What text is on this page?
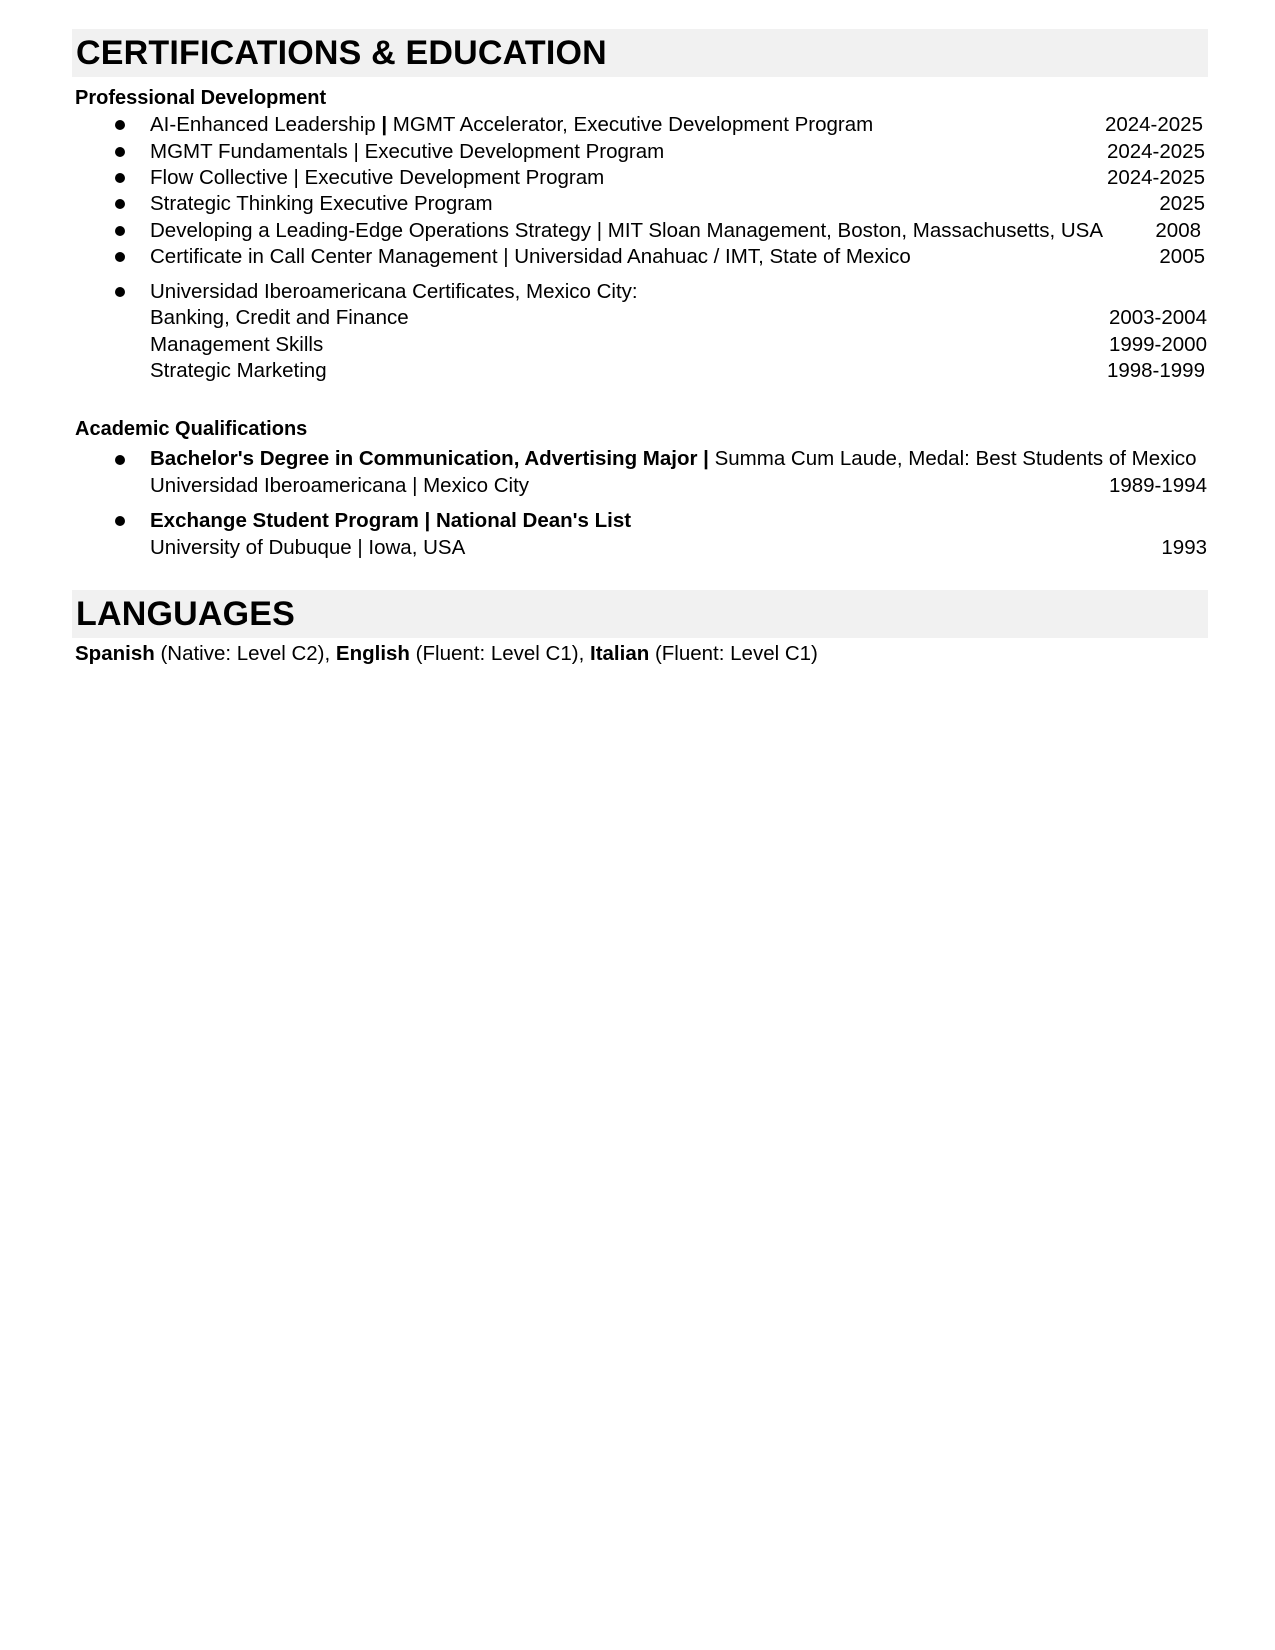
CERTIFICATIONS & EDUCATION
Professional Development
AI-Enhanced Leadership | MGMT Accelerator, Executive Development Program	2024-2025
MGMT Fundamentals | Executive Development Program	2024-2025
Flow Collective | Executive Development Program	2024-2025
Strategic Thinking Executive Program	2025
Developing a Leading-Edge Operations Strategy | MIT Sloan Management, Boston, Massachusetts, USA	2008
Certificate in Call Center Management | Universidad Anahuac / IMT, State of Mexico	2005
Universidad Iberoamericana Certificates, Mexico City:
Banking, Credit and Finance	2003-2004
Management Skills	1999-2000
Strategic Marketing	1998-1999
Academic Qualifications
Bachelor's Degree in Communication, Advertising Major | Summa Cum Laude, Medal: Best Students of Mexico
Universidad Iberoamericana | Mexico City	1989-1994
Exchange Student Program | National Dean's List
University of Dubuque | Iowa, USA	1993
LANGUAGES
Spanish (Native: Level C2), English (Fluent: Level C1), Italian (Fluent: Level C1)
